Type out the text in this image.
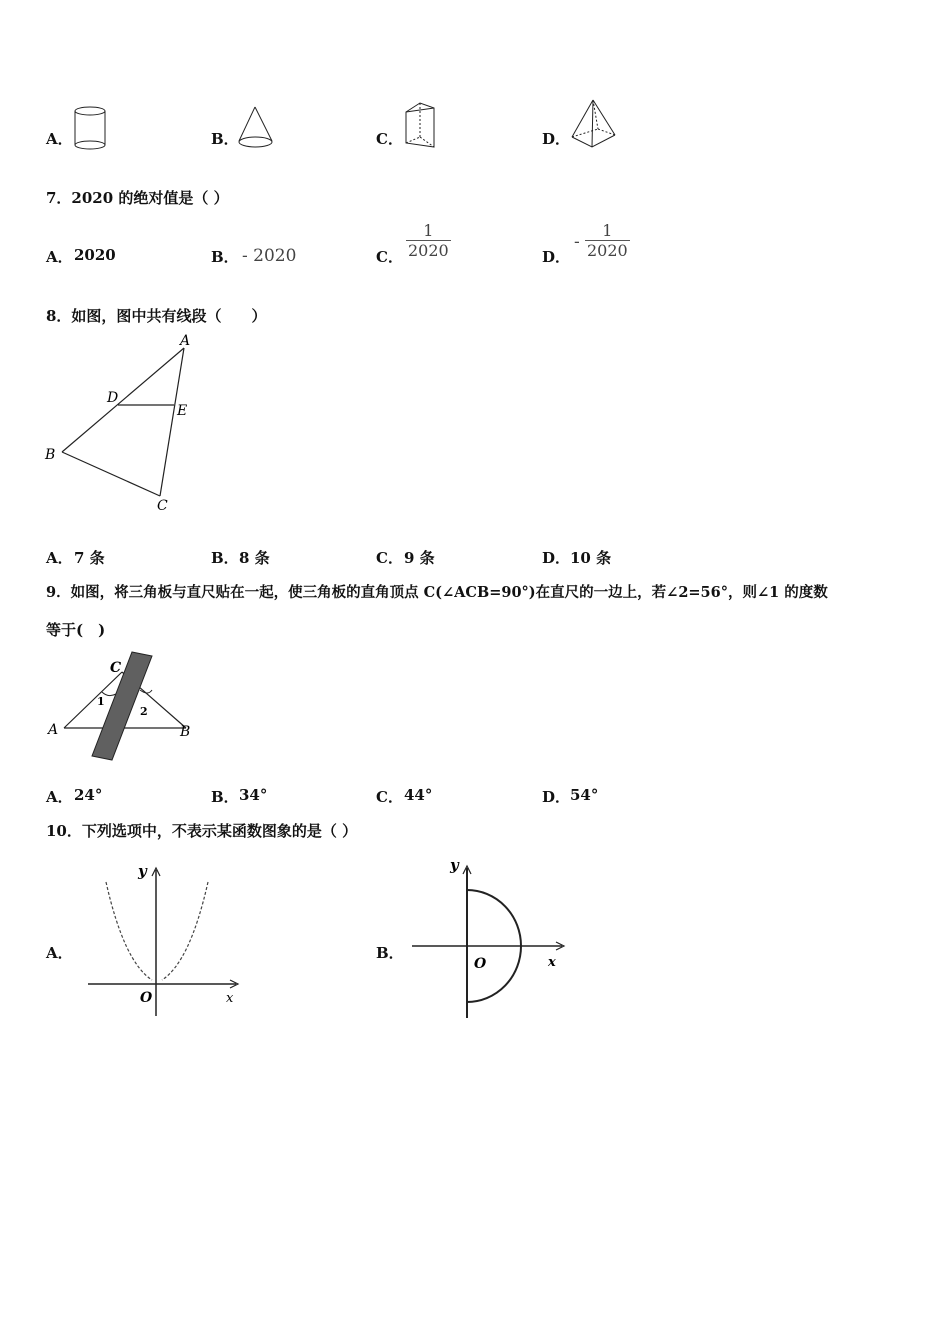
A．	B．	C．	D．
7．2020 的绝对值是（ ）
A． 2020	B． - 2020	C． $\frac{1}{2020}$	D．
- $\frac{1}{2020}$
8．如图，图中共有线段（　　）
A
D
E
B
C
A． 7 条	B． 8 条	C． 9 条	D． 10 条
9．如图，将三角板与直尺贴在一起，使三角板的直角顶点 C(∠ACB=90°)在直尺的一边上，若∠2=56°，则∠1 的度数
等于(　)
C
A	B
1
2
A． 24°	B． 34°	C． 44°	D． 54°
10．下列选项中，不表示某函数图象的是（ ）
A．
y
x
O
B．
y
x
O
